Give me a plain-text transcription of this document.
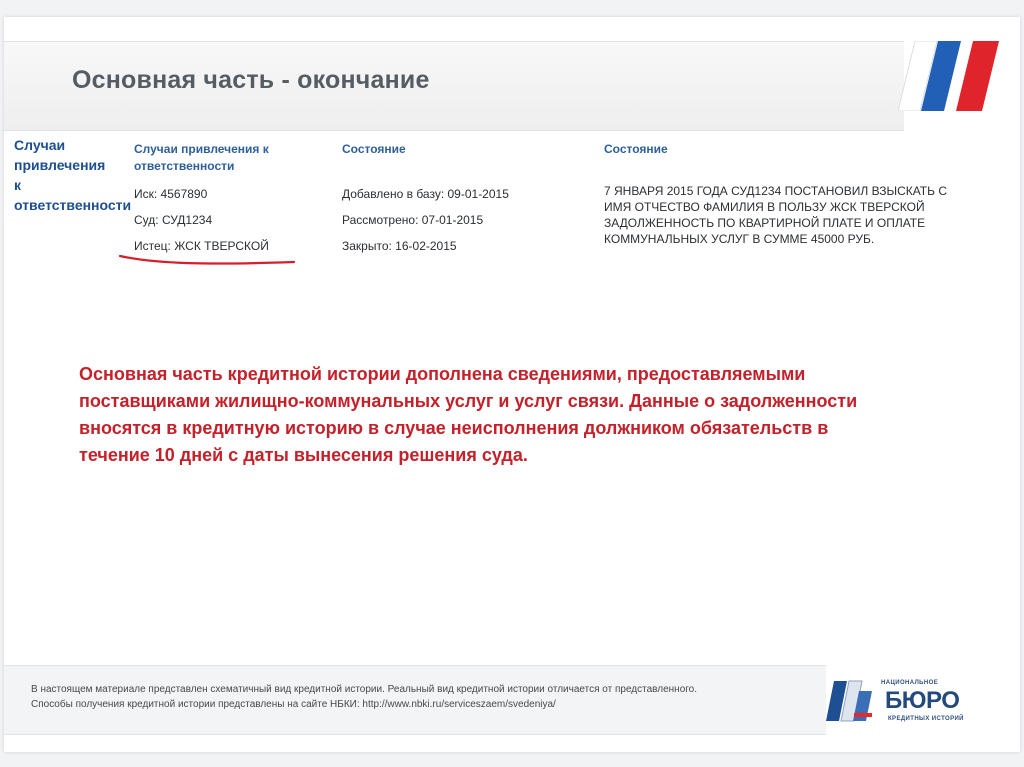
Основная часть - окончание
Случаи привлечения к ответственности
Случаи привлечения к ответственности
Состояние	Состояние
Иск: 4567890
Суд: СУД1234
Истец: ЖСК ТВЕРСКОЙ
Добавлено в базу: 09-01-2015
Рассмотрено: 07-01-2015
Закрыто: 16-02-2015
7 ЯНВАРЯ 2015 ГОДА СУД1234 ПОСТАНОВИЛ ВЗЫСКАТЬ С ИМЯ ОТЧЕСТВО ФАМИЛИЯ В ПОЛЬЗУ ЖСК ТВЕРСКОЙ ЗАДОЛЖЕННОСТЬ ПО КВАРТИРНОЙ ПЛАТЕ И ОПЛАТЕ КОММУНАЛЬНЫХ УСЛУГ В СУММЕ 45000 РУБ.
Основная часть кредитной истории дополнена сведениями, предоставляемыми поставщиками жилищно-коммунальных услуг и услуг связи. Данные о задолженности вносятся в кредитную историю в случае неисполнения должником обязательств в течение 10 дней с даты вынесения решения суда.
В настоящем материале представлен схематичный вид кредитной истории. Реальный вид кредитной истории отличается от представленного.
Способы получения кредитной истории представлены на сайте НБКИ: http://www.nbki.ru/serviceszaem/svedeniya/
НАЦИОНАЛЬНОЕ
БЮРО
КРЕДИТНЫХ ИСТОРИЙ
